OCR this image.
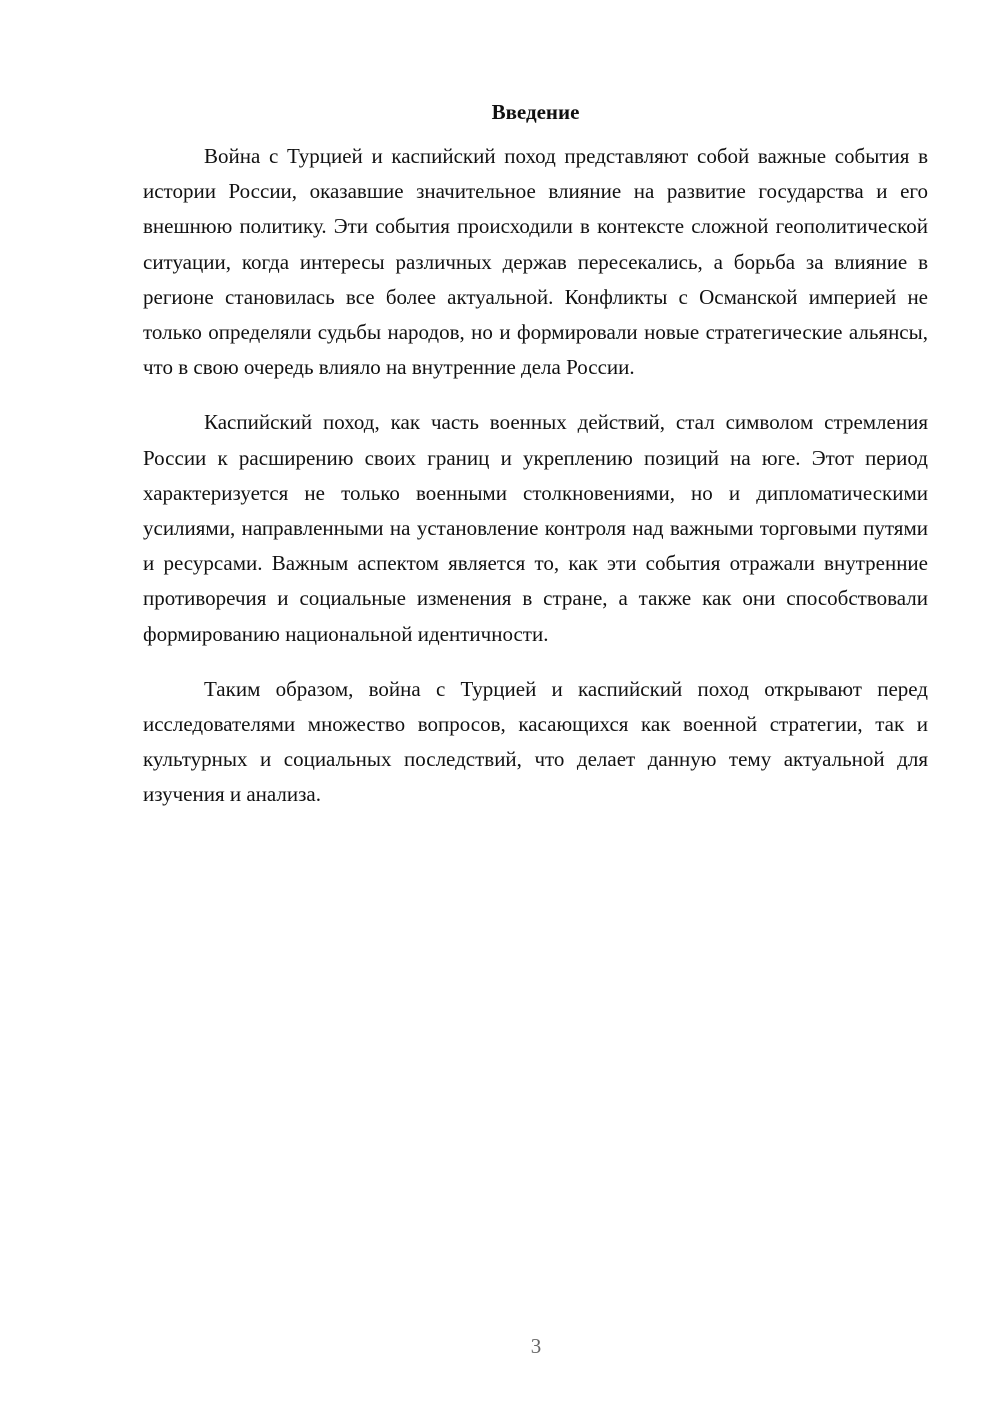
Введение

Война с Турцией и каспийский поход представляют собой важные события в истории России, оказавшие значительное влияние на развитие государства и его внешнюю политику. Эти события происходили в контексте сложной геополитической ситуации, когда интересы различных держав пересекались, а борьба за влияние в регионе становилась все более актуальной. Конфликты с Османской империей не только определяли судьбы народов, но и формировали новые стратегические альянсы, что в свою очередь влияло на внутренние дела России.

Каспийский поход, как часть военных действий, стал символом стремления России к расширению своих границ и укреплению позиций на юге. Этот период характеризуется не только военными столкновениями, но и дипломатическими усилиями, направленными на установление контроля над важными торговыми путями и ресурсами. Важным аспектом является то, как эти события отражали внутренние противоречия и социальные изменения в стране, а также как они способствовали формированию национальной идентичности.

Таким образом, война с Турцией и каспийский поход открывают перед исследователями множество вопросов, касающихся как военной стратегии, так и культурных и социальных последствий, что делает данную тему актуальной для изучения и анализа.

3
